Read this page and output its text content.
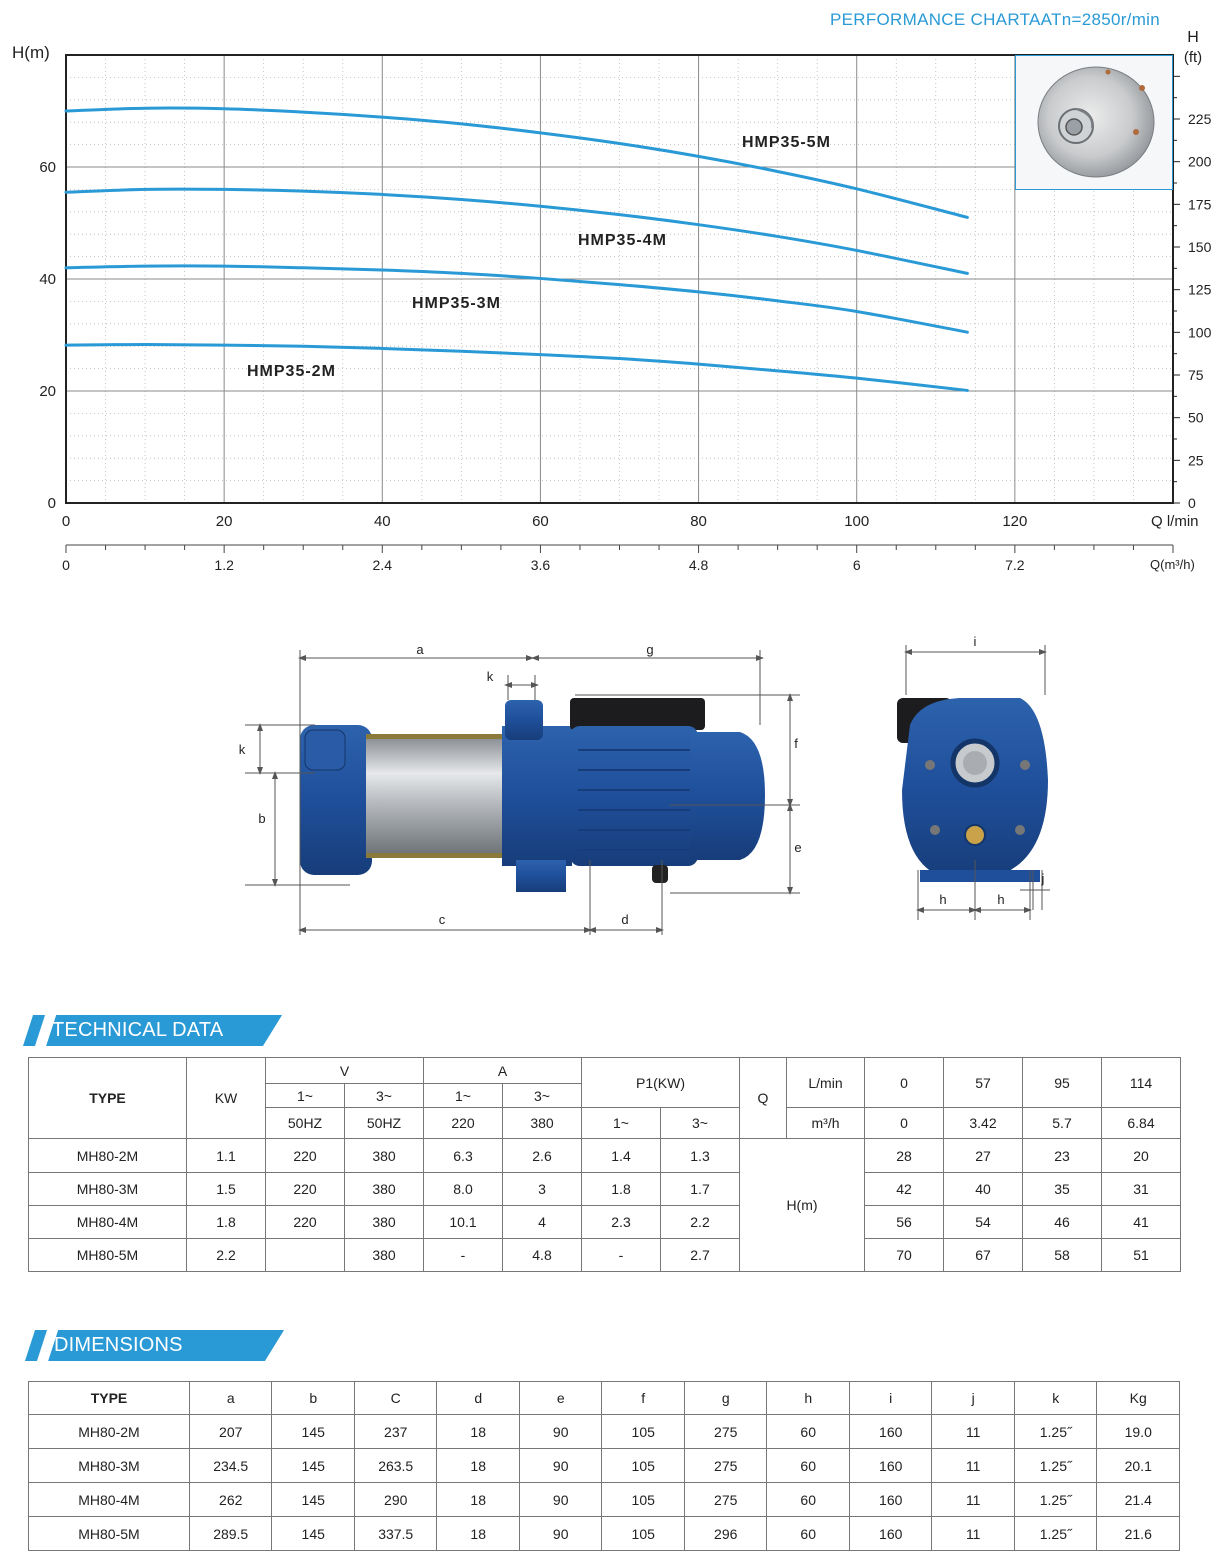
PERFORMANCE CHARTAATn=2850r/min
0	20	40	60	80	100	120
0	1.2	2.4	3.6	4.8	6	7.2
0
20
40
60
0
25
50
75
100
125
150
175
200
225
H(m)
H
(ft)
Q l/min
Q(m³/h)
HMP35-5M
HMP35-4M
HMP35-3M
HMP35-2M
a	g
k
k
b
f
e
c	d
i
h	h
j
TECHNICAL DATA
TYPE	KW	V		A		P1(KW)		Q	L/min	0	57	95	114
		1~	3~	1~	3~								
		50HZ	50HZ	220	380	1~	3~		m³/h	0	3.42	5.7	6.84
MH80-2M	1.1	220	380	6.3	2.6	1.4	1.3	H(m)		28	27	23	20
MH80-3M	1.5	220	380	8.0	3	1.8	1.7			42	40	35	31
MH80-4M	1.8	220	380	10.1	4	2.3	2.2			56	54	46	41
MH80-5M	2.2		380	-	4.8	-	2.7			70	67	58	51
DIMENSIONS
TYPE	a	b	C	d	e	f	g	h	i	j	k	Kg
MH80-2M	207	145	237	18	90	105	275	60	160	11	1.25˝	19.0
MH80-3M	234.5	145	263.5	18	90	105	275	60	160	11	1.25˝	20.1
MH80-4M	262	145	290	18	90	105	275	60	160	11	1.25˝	21.4
MH80-5M	289.5	145	337.5	18	90	105	296	60	160	11	1.25˝	21.6
